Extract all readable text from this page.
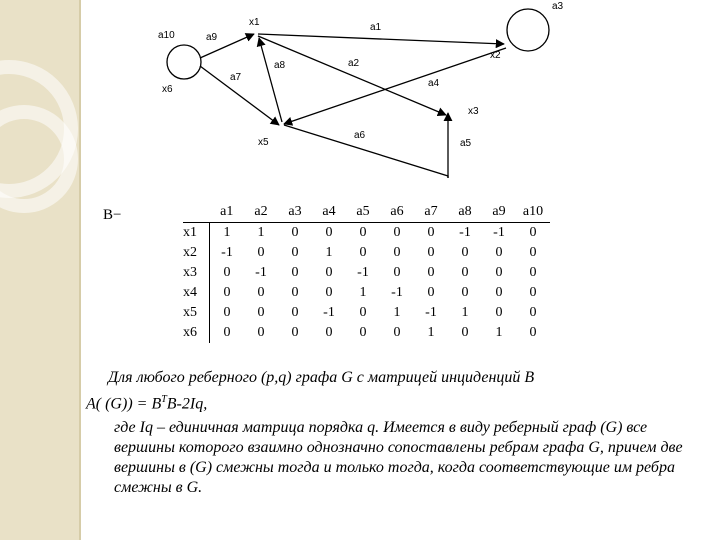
x1
x2
x3
x5
x6
a1
a2
a3
a4
a5
a6
a7
a8
a9
a10
B−
		a1	a2	a3	a4	a5	a6	a7	a8	a9	a10
x1	1	1	0	0	0	0	0	-1	-1	0
x2	-1	0	0	1	0	0	0	0	0	0
x3	0	-1	0	0	-1	0	0	0	0	0
x4	0	0	0	0	1	-1	0	0	0	0
x5	0	0	0	-1	0	1	-1	1	0	0
x6	0	0	0	0	0	0	1	0	1	0

Для любого реберного (p,q) графа G с матрицей инциденций B

A( $(G)) = B^TB-2Iq$,

где Iq – единичная матрица порядка q. Имеется в виду реберный граф (G) все вершины которого взаимно однозначно сопоставлены ребрам графа G, причем две вершины в (G) смежны тогда и только тогда, когда соответствующие им ребра смежны в G.
